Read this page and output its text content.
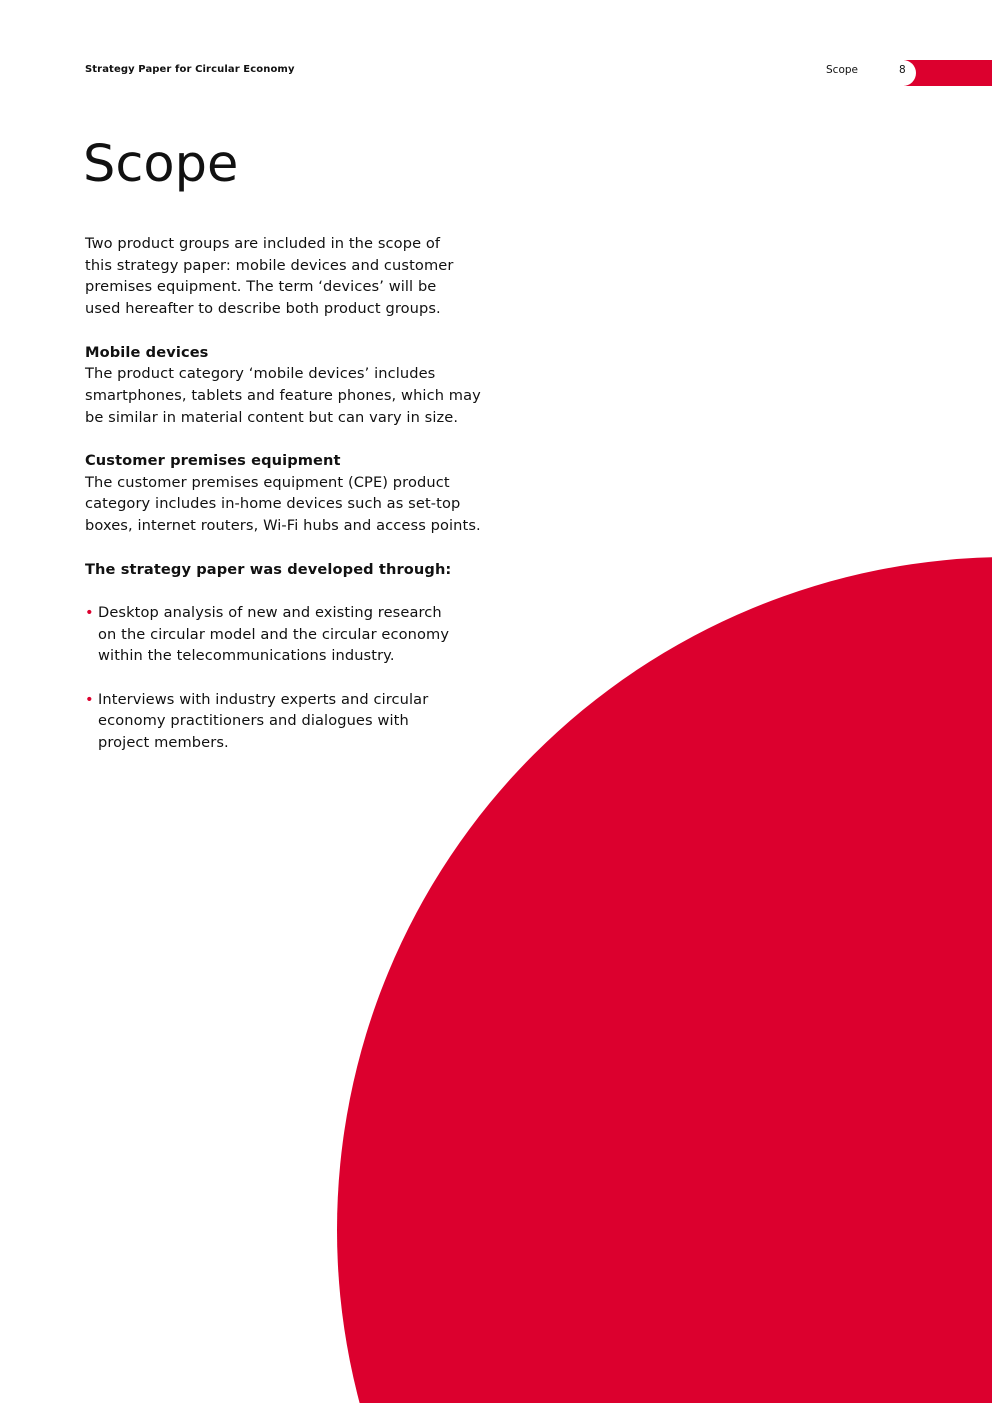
Strategy Paper for Circular Economy	Scope	8
Scope

Two product groups are included in the scope of
this strategy paper: mobile devices and customer
premises equipment. The term ‘devices’ will be
used hereafter to describe both product groups.

Mobile devices

The product category ‘mobile devices’ includes
smartphones, tablets and feature phones, which may
be similar in material content but can vary in size.

Customer premises equipment

The customer premises equipment (CPE) product
category includes in-home devices such as set-top
boxes, internet routers, Wi-Fi hubs and access points.

The strategy paper was developed through:

• Desktop analysis of new and existing research
on the circular model and the circular economy
within the telecommunications industry.
• Interviews with industry experts and circular
economy practitioners and dialogues with
project members.
